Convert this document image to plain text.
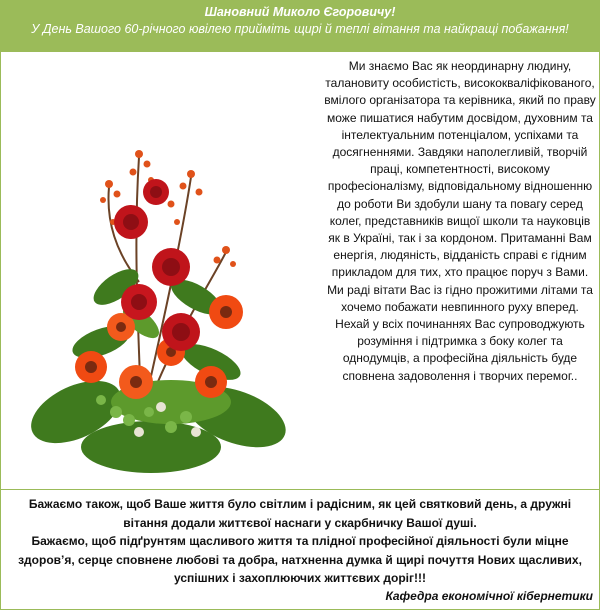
Шановний Миколо Єгоровичу!
У День Вашого 60-річного ювілею прийміть щирі й теплі вітання та найкращі побажання!
Ми знаємо Вас як неординарну людину, талановиту особистість, висококваліфікованого, вмілого організатора та керівника, який по праву може пишатися набутим досвідом, духовним та інтелектуальним потенціалом, успіхами та досягненнями. Завдяки наполегливій, творчій праці, компетентності, високому професіоналізму, відповідальному відношенню до роботи Ви здобули шану та повагу серед колег, представників вищої школи та науковців як в Україні, так і за кордоном. Притаманні Вам енергія, людяність, відданість справі є гідним прикладом для тих, хто працює поруч з Вами.
Ми раді вітати Вас із гідно прожитими літами та хочемо побажати невпинного руху вперед. Нехай у всіх починаннях Вас супроводжують розуміння і підтримка з боку колег та однодумців, а професійна діяльність буде сповнена задоволення і творчих перемог..

Бажаємо також, щоб Ваше життя було світлим і радісним, як цей святковий день, а дружні вітання додали життєвої наснаги у скарбничку Вашої душі.

Бажаємо, щоб підґрунтям щасливого життя та плідної професійної діяльності були міцне здоров’я, серце сповнене любові та добра, натхненна думка й щирі почуття Нових щасливих, успішних і захоплюючих життєвих доріг!!!

Кафедра економічної кібернетики
